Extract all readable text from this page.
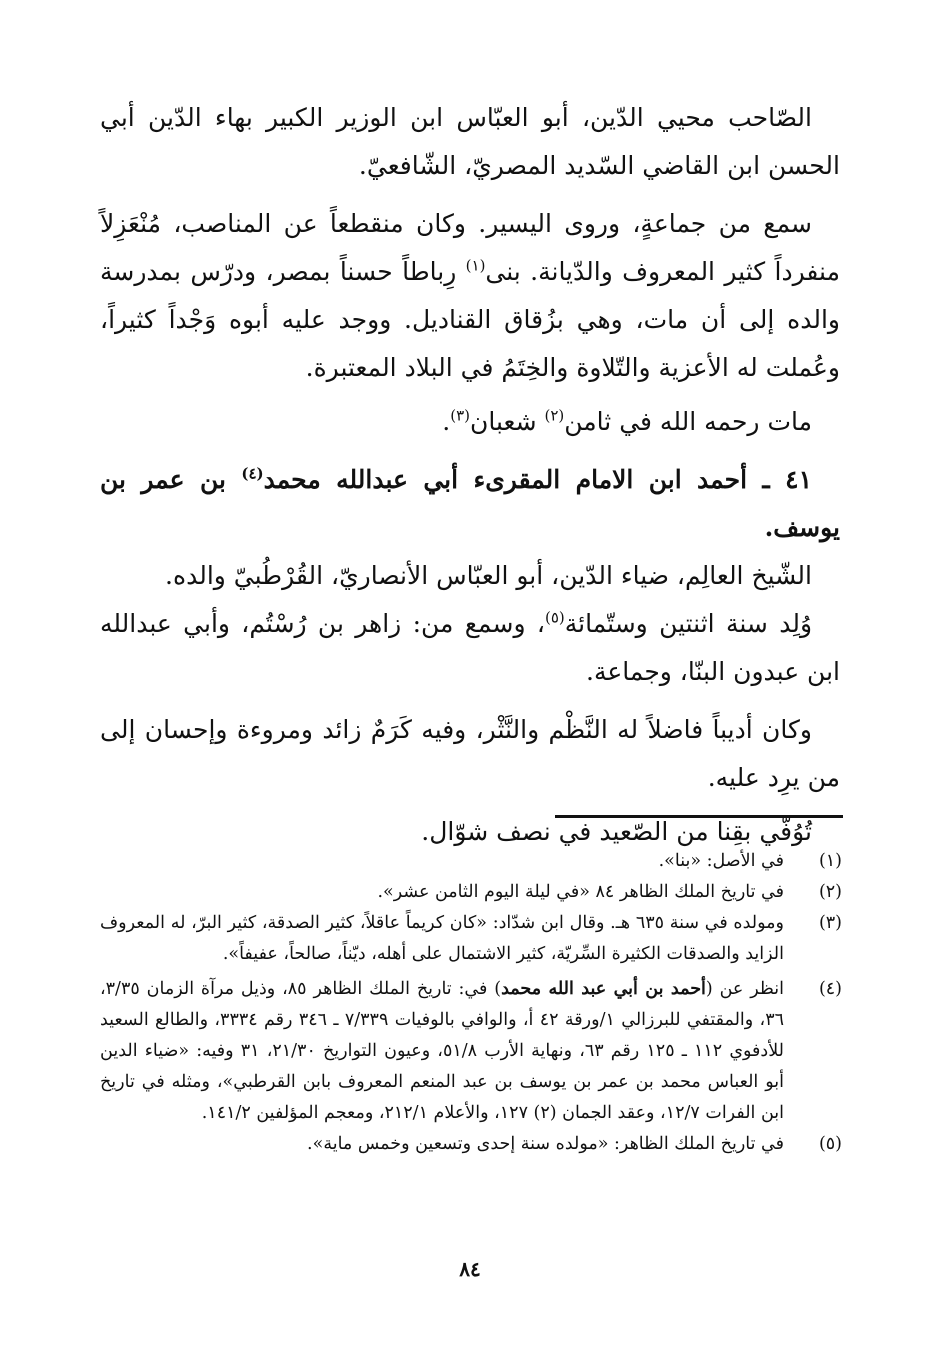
الصّاحب محيي الدّين، أبو العبّاس ابن الوزير الكبير بهاء الدّين أبي الحسن ابن القاضي السّديد المصريّ، الشّافعيّ.

سمع من جماعةٍ، وروى اليسير. وكان منقطعاً عن المناصب، مُنْعَزِلاً منفرداً كثير المعروف والدّيانة. بنى$^{(١)}$ رِباطاً حسناً بمصر، ودرّس بمدرسة والده إلى أن مات، وهي بزُقاق القناديل. ووجد عليه أبوه وَجْداً كثيراً، وعُملت له الأعزية والتّلاوة والخِتَمُ في البلاد المعتبرة.

مات رحمه الله في ثامن$^{(٢)}$ شعبان$^{(٣)}$.

٤١ ـ أحمد ابن الامام المقرىء أبي عبدالله محمد$^{(٤)}$ بن عمر بن يوسف.

الشّيخ العالِم، ضياء الدّين، أبو العبّاس الأنصاريّ، القُرْطُبيّ والده.

وُلِد سنة اثنتين وستّمائة$^{(٥)}$، وسمع من: زاهر بن رُسْتُم، وأبي عبدالله ابن عبدون البنّا، وجماعة.

وكان أديباً فاضلاً له النَّظْم والنَّثْر، وفيه كَرَمٌ زائد ومروءة وإحسان إلى من يرِد عليه.

تُوُفّي بقِنا من الصّعيد في نصف شوّال.

(١)
في الأصل: «بنا».
(٢)
في تاريخ الملك الظاهر ٨٤ «في ليلة اليوم الثامن عشر».
(٣)
ومولده في سنة ٦٣٥ هـ. وقال ابن شدّاد: «كان كريماً عاقلاً، كثير الصدقة، كثير البرّ، له المعروف الزايد والصدقات الكثيرة السِّريّة، كثير الاشتمال على أهله، ديّناً، صالحاً، عفيفاً».
(٤)
انظر عن (أحمد بن أبي عبد الله محمد) في: تاريخ الملك الظاهر ٨٥، وذيل مرآة الزمان ٣/٣٥، ٣٦، والمقتفي للبرزالي ١/ورقة ٤٢ أ، والوافي بالوفيات ٧/٣٣٩ ـ ٣٤٦ رقم ٣٣٣٤، والطالع السعيد للأدفوي ١١٢ ـ ١٢٥ رقم ٦٣، ونهاية الأرب ٥١/٨، وعيون التواريخ ٢١/٣٠، ٣١ وفيه: «ضياء الدين أبو العباس محمد بن عمر بن يوسف بن عبد المنعم المعروف بابن القرطبي»، ومثله في تاريخ ابن الفرات ١٢/٧، وعقد الجمان (٢) ١٢٧، والأعلام ٢١٢/١، ومعجم المؤلفين ١٤١/٢.
(٥)
في تاريخ الملك الظاهر: «مولده سنة إحدى وتسعين وخمس ماية».
٨٤
